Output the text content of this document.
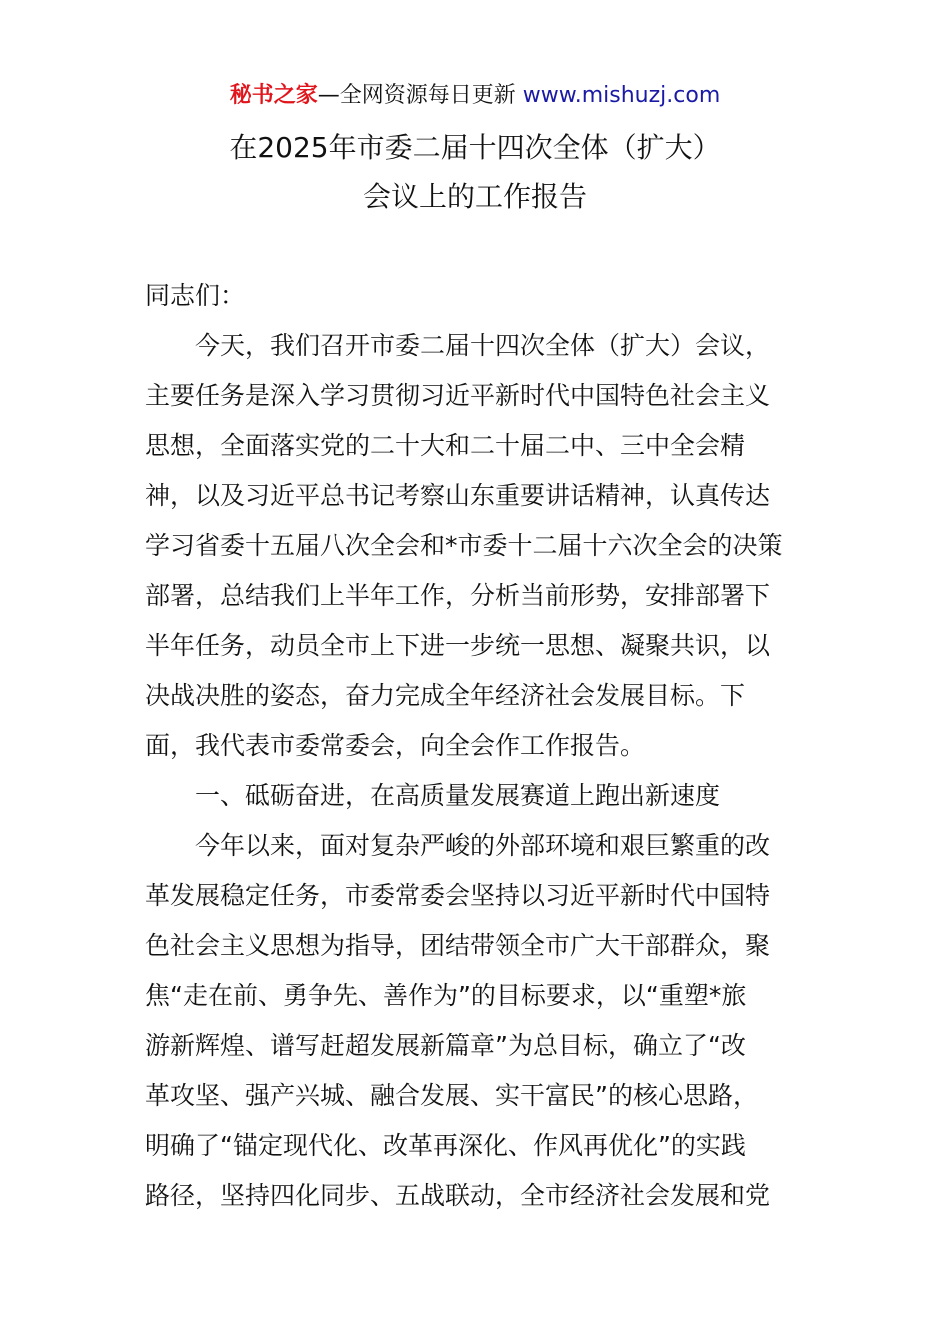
秘书之家—全网资源每日更新 www.mishuzj.com
在2025年市委二届十四次全体（扩大）
会议上的工作报告
同志们：
今天，我们召开市委二届十四次全体（扩大）会议，
主要任务是深入学习贯彻习近平新时代中国特色社会主义
思想，全面落实党的二十大和二十届二中、三中全会精
神，以及习近平总书记考察山东重要讲话精神，认真传达
学习省委十五届八次全会和*市委十二届十六次全会的决策
部署，总结我们上半年工作，分析当前形势，安排部署下
半年任务，动员全市上下进一步统一思想、凝聚共识，以
决战决胜的姿态，奋力完成全年经济社会发展目标。下
面，我代表市委常委会，向全会作工作报告。
一、砥砺奋进，在高质量发展赛道上跑出新速度
今年以来，面对复杂严峻的外部环境和艰巨繁重的改
革发展稳定任务，市委常委会坚持以习近平新时代中国特
色社会主义思想为指导，团结带领全市广大干部群众，聚
焦“走在前、勇争先、善作为”的目标要求，以“重塑*旅
游新辉煌、谱写赶超发展新篇章”为总目标，确立了“改
革攻坚、强产兴城、融合发展、实干富民”的核心思路，
明确了“锚定现代化、改革再深化、作风再优化”的实践
路径，坚持四化同步、五战联动，全市经济社会发展和党
